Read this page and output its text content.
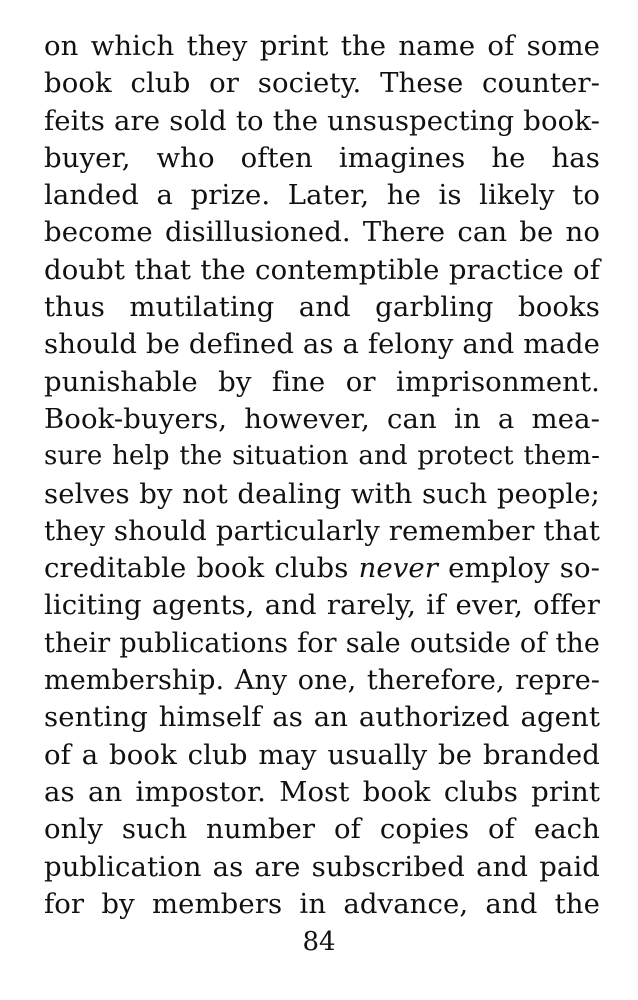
on which they print the name of some
book club or society. These counter-
feits are sold to the unsuspecting book-
buyer, who often imagines he has
landed a prize. Later, he is likely to
become disillusioned. There can be no
doubt that the contemptible practice of
thus mutilating and garbling books
should be defined as a felony and made
punishable by fine or imprisonment.
Book-buyers, however, can in a mea-
sure help the situation and protect them-
selves by not dealing with such people;
they should particularly remember that
creditable book clubs never employ so-
liciting agents, and rarely, if ever, offer
their publications for sale outside of the
membership. Any one, therefore, repre-
senting himself as an authorized agent
of a book club may usually be branded
as an impostor. Most book clubs print
only such number of copies of each
publication as are subscribed and paid
for by members in advance, and the
84
